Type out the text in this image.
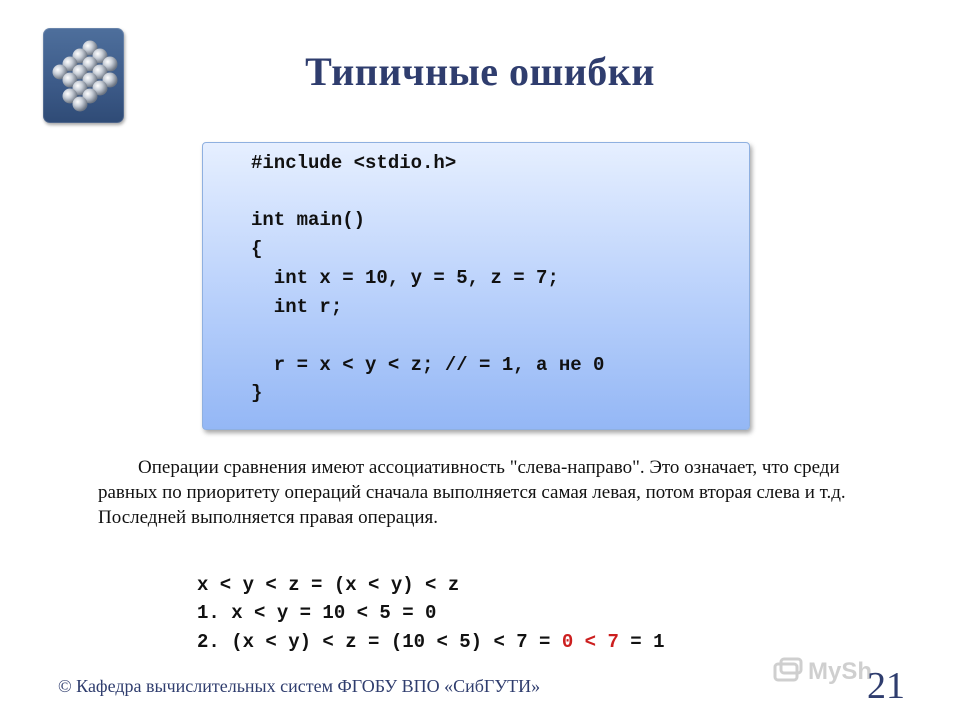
Типичные ошибки
#include <stdio.h>
int main()
{
int x = 10, y = 5, z = 7;
int r;
r = x < y < z; // = 1, а не 0
}
Операции сравнения имеют ассоциативность "слева-направо". Это означает, что среди равных по приоритету операций сначала выполняется самая левая, потом вторая слева и т.д. Последней выполняется правая операция.
x < y < z = (x < y) < z
1. x < y = 10 < 5 = 0
2. (x < y) < z = (10 < 5) < 7 = 0 < 7 = 1
MySh
© Кафедра вычислительных систем ФГОБУ ВПО «СибГУТИ»	21
